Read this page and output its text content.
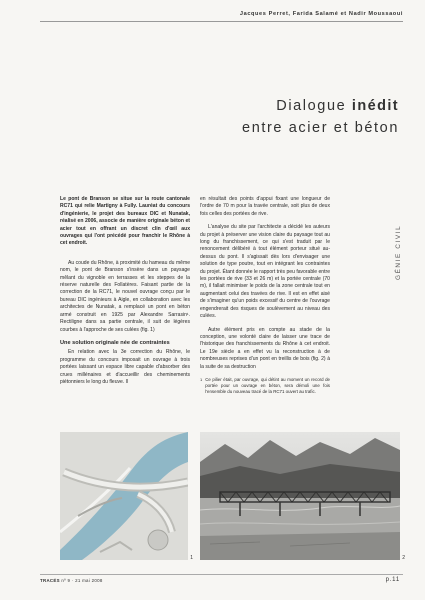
Jacques Perret, Farida Salamé et Nadir Moussaoui
Dialogue inédit
entre acier et béton
GÉNIE CIVIL

Le pont de Branson se situe sur la route cantonale RC71 qui relie Martigny à Fully. Lauréat du concours d'ingénierie, le projet des bureaux DIC et Nunatak, réalisé en 2006, associe de manière originale béton et acier tout en offrant un discret clin d'œil aux ouvrages qui l'ont précédé pour franchir le Rhône à cet endroit.

Au coude du Rhône, à proximité du hameau du même nom, le pont de Branson s'insère dans un paysage mêlant du vignoble en terrasses et les steppes de la réserve naturelle des Follatères. Faisant partie de la correction de la RC71, le nouvel ouvrage conçu par le bureau DIC ingénieurs à Aigle, en collaboration avec les architectes de Nunatak, a remplacé un pont en béton armé construit en 1925 par Alexandre Sarrasin¹. Rectiligne dans sa partie centrale, il suit de légères courbes à l'approche de ses culées (fig. 1)

Une solution originale née de contraintes

En relation avec la 3e correction du Rhône, le programme du concours imposait un ouvrage à trois portées laissant un espace libre capable d'absorber des crues millénaires et d'accueillir des cheminements piétonniers le long du fleuve. Il

en résultait des points d'appui fixant une longueur de l'ordre de 70 m pour la travée centrale, soit plus de deux fois celles des portées de rive.

L'analyse du site par l'architecte a décidé les auteurs du projet à préserver une vision claire du paysage tout au long du franchissement, ce qui s'est traduit par le renoncement délibéré à tout élément porteur situé au-dessus du pont. Il s'agissait dès lors d'envisager une solution de type poutre, tout en intégrant les contraintes du projet. Étant donnée le rapport très peu favorable entre les portées de rive (33 et 26 m) et la portée centrale (70 m), il fallait minimiser le poids de la zone centrale tout en augmentant celui des travées de rive. Il est en effet aisé de s'imaginer qu'un poids excessif du centre de l'ouvrage engendrerait des risques de soulèvement au niveau des culées.

Autre élément pris en compte au stade de la conception, une volonté claire de laisser une trace de l'historique des franchissements du Rhône à cet endroit. Le 19e siècle a en effet vu la reconstruction à de nombreuses reprises d'un pont en treillis de bois (fig. 2) à la suite de sa destruction

1 Ce pilier était, par ouvrage, qui détint au moment un record de portée pour un ouvrage en béton, sera démoli une fois l'ensemble du nouveau tracé de la RC71 ouvert au trafic.
1	2
TRACÉS nº 9 · 21 mai 2008	p.11
